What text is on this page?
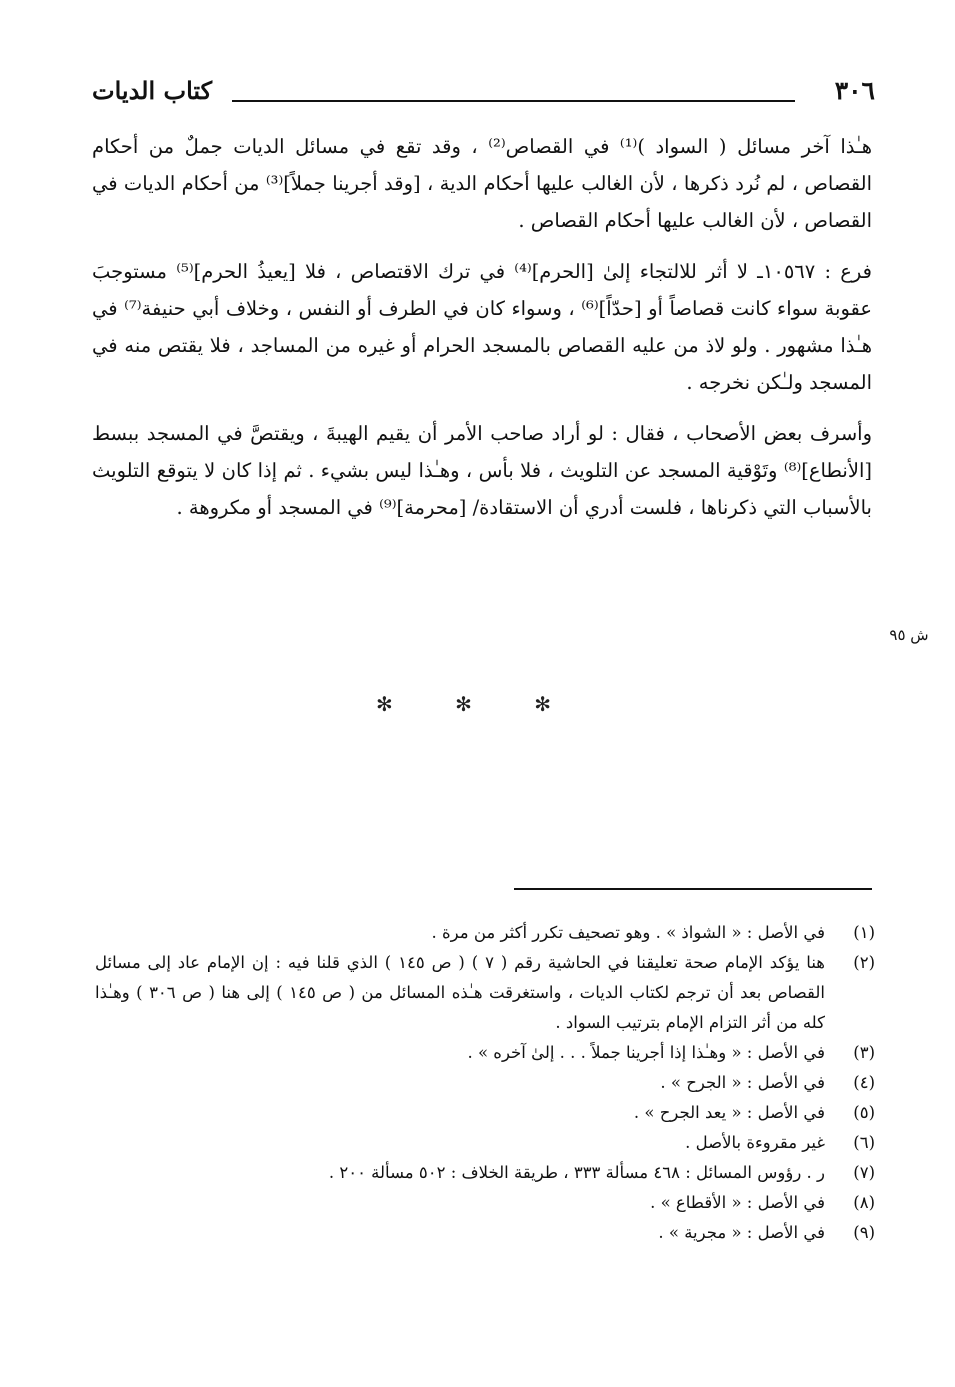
٣٠٦
كتاب الديات

هـٰذا آخر مسائل ( السواد )⁽¹⁾ في القصاص⁽²⁾ ، وقد تقع في مسائل الديات جملٌ من أحكام القصاص ، لم نُرد ذكرها ، لأن الغالب عليها أحكام الدية ، [وقد أجرينا جملاً]⁽³⁾ من أحكام الديات في القصاص ، لأن الغالب عليها أحكام القصاص .

فرع : ١٠٥٦٧ـ لا أثر للالتجاء إلىٰ [الحرم]⁽⁴⁾ في ترك الاقتصاص ، فلا [يعيذُ الحرم]⁽⁵⁾ مستوجبَ عقوبة سواء كانت قصاصاً أو [حدّاً]⁽⁶⁾ ، وسواء كان في الطرف أو النفس ، وخلاف أبي حنيفة⁽⁷⁾ في هـٰذا مشهور . ولو لاذ من عليه القصاص بالمسجد الحرام أو غيره من المساجد ، فلا يقتص منه في المسجد ولـٰكن نخرجه .

وأسرف بعض الأصحاب ، فقال : لو أراد صاحب الأمر أن يقيم الهيبةَ ، ويقتصَّ في المسجد ببسط [الأنطاع]⁽⁸⁾ وتَوْقية المسجد عن التلويث ، فلا بأس ، وهـٰذا ليس بشيء . ثم إذا كان لا يتوقع التلويث بالأسباب التي ذكرناها ، فلست أدري أن الاستقادة/ [محرمة]⁽⁹⁾ في المسجد أو مكروهة .

ش ٩٥
✻ ✻ ✻
(١)
في الأصل : « الشواذ » . وهو تصحيف تكرر أكثر من مرة .
(٢)
هنا يؤكد الإمام صحة تعليقنا في الحاشية رقم ( ٧ ) ( ص ١٤٥ ) الذي قلنا فيه : إن الإمام عاد إلى مسائل القصاص بعد أن ترجم لكتاب الديات ، واستغرقت هـٰذه المسائل من ( ص ١٤٥ ) إلى هنا ( ص ٣٠٦ ) وهـٰذا كله من أثر التزام الإمام بترتيب السواد .
(٣)
في الأصل : « وهـٰذا إذا أجرينا جملاً . . . إلىٰ آخره » .
(٤)
في الأصل : « الجرح » .
(٥)
في الأصل : « يعد الجرح » .
(٦)
غير مقروءة بالأصل .
(٧)
ر . رؤوس المسائل : ٤٦٨ مسألة ٣٣٣ ، طريقة الخلاف : ٥٠٢ مسألة ٢٠٠ .
(٨)
في الأصل : « الأقطاع » .
(٩)
في الأصل : « مجرية » .
